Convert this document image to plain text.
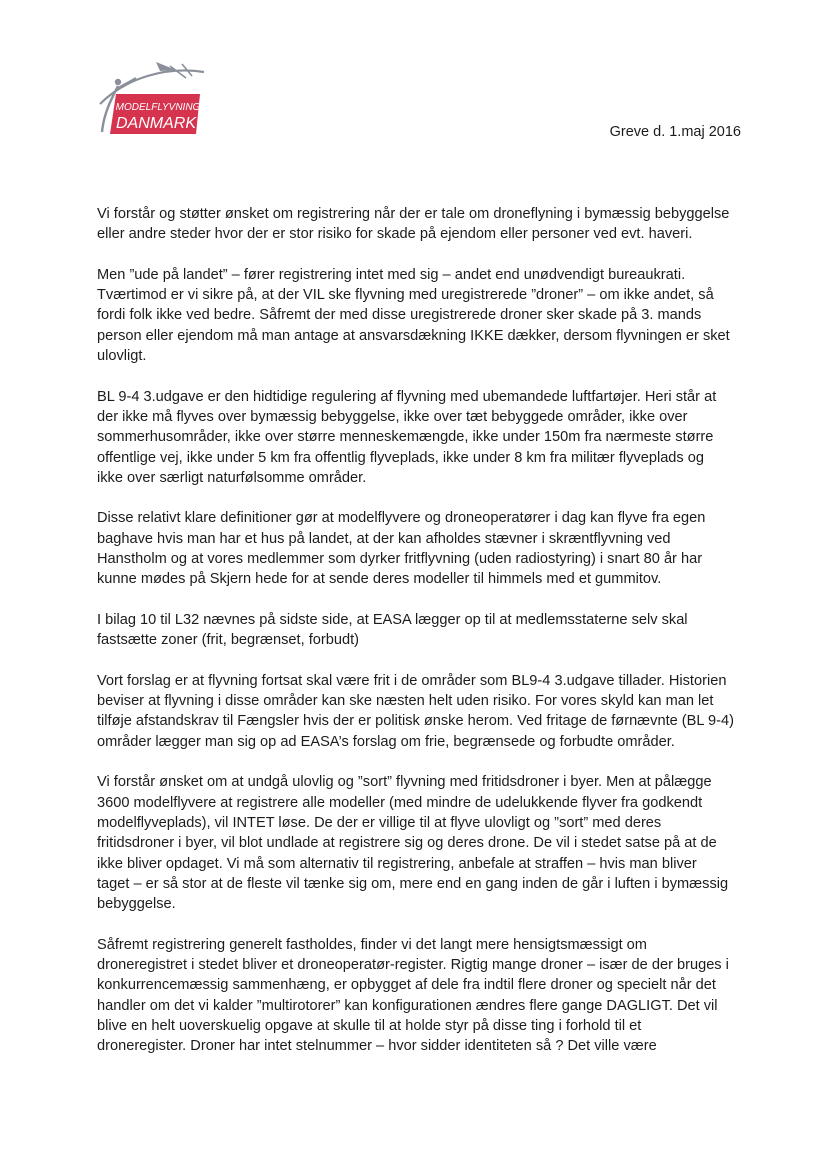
MODELFLYVNING
DANMARK	Greve d. 1.maj 2016

Vi forstår og støtter ønsket om registrering når der er tale om droneflyning i bymæssig bebyggelse
eller andre steder hvor der er stor risiko for skade på ejendom eller personer ved evt. haveri.

Men ”ude på landet” – fører registrering intet med sig – andet end unødvendigt bureaukrati.
Tværtimod er vi sikre på, at der VIL ske flyvning med uregistrerede ”droner” – om ikke andet, så
fordi folk ikke ved bedre. Såfremt der med disse uregistrerede droner sker skade på 3. mands
person eller ejendom må man antage at ansvarsdækning IKKE dækker, dersom flyvningen er sket
ulovligt.

BL 9-4 3.udgave er den hidtidige regulering af flyvning med ubemandede luftfartøjer. Heri står at
der ikke må flyves over bymæssig bebyggelse, ikke over tæt bebyggede områder, ikke over
sommerhusområder, ikke over større menneskemængde, ikke under 150m fra nærmeste større
offentlige vej, ikke under 5 km fra offentlig flyveplads, ikke under 8 km fra militær flyveplads og
ikke over særligt naturfølsomme områder.

Disse relativt klare definitioner gør at modelflyvere og droneoperatører i dag kan flyve fra egen
baghave hvis man har et hus på landet, at der kan afholdes stævner i skræntflyvning ved
Hanstholm og at vores medlemmer som dyrker fritflyvning (uden radiostyring) i snart 80 år har
kunne mødes på Skjern hede for at sende deres modeller til himmels med et gummitov.

I bilag 10 til L32 nævnes på sidste side, at EASA lægger op til at medlemsstaterne selv skal
fastsætte zoner (frit, begrænset, forbudt)

Vort forslag er at flyvning fortsat skal være frit i de områder som BL9-4 3.udgave tillader. Historien
beviser at flyvning i disse områder kan ske næsten helt uden risiko. For vores skyld kan man let
tilføje afstandskrav til Fængsler hvis der er politisk ønske herom. Ved fritage de førnævnte (BL 9-4)
områder lægger man sig op ad EASA’s forslag om frie, begrænsede og forbudte områder.

Vi forstår ønsket om at undgå ulovlig og ”sort” flyvning med fritidsdroner i byer. Men at pålægge
3600 modelflyvere at registrere alle modeller (med mindre de udelukkende flyver fra godkendt
modelflyveplads), vil INTET løse. De der er villige til at flyve ulovligt og ”sort” med deres
fritidsdroner i byer, vil blot undlade at registrere sig og deres drone. De vil i stedet satse på at de
ikke bliver opdaget. Vi må som alternativ til registrering, anbefale at straffen – hvis man bliver
taget – er så stor at de fleste vil tænke sig om, mere end en gang inden de går i luften i bymæssig
bebyggelse.

Såfremt registrering generelt fastholdes, finder vi det langt mere hensigtsmæssigt om
droneregistret i stedet bliver et droneoperatør-register. Rigtig mange droner – især de der bruges i
konkurrencemæssig sammenhæng, er opbygget af dele fra indtil flere droner og specielt når det
handler om det vi kalder ”multirotorer” kan konfigurationen ændres flere gange DAGLIGT. Det vil
blive en helt uoverskuelig opgave at skulle til at holde styr på disse ting i forhold til et
droneregister. Droner har intet stelnummer – hvor sidder identiteten så ? Det ville være
